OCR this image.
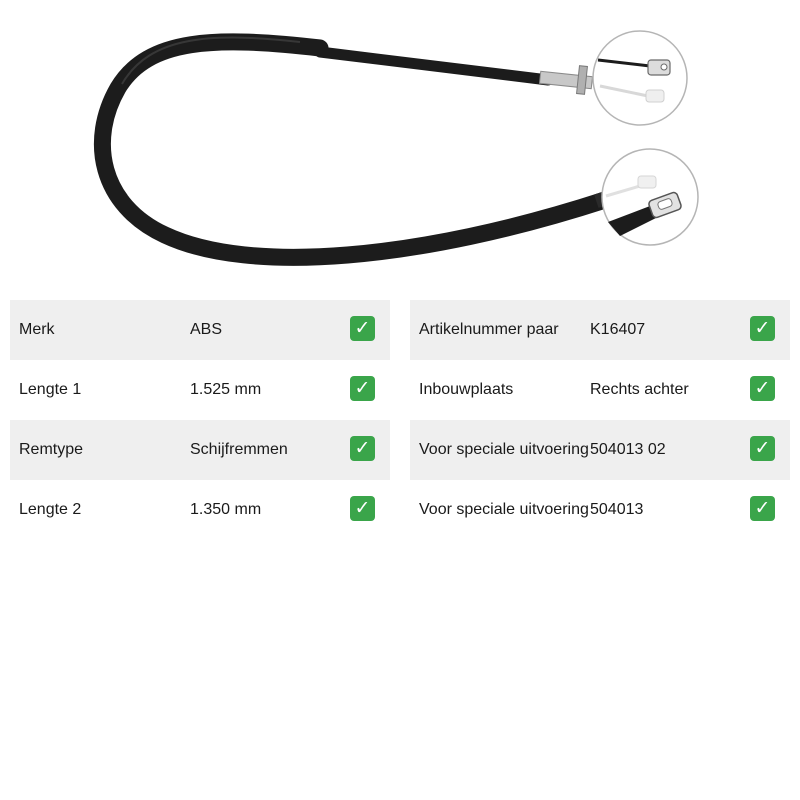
Merk	ABS	✓
Lengte 1	1.525 mm	✓
Remtype	Schijfremmen	✓
Lengte 2	1.350 mm	✓
Artikelnummer paar K16407	✓
Inbouwplaats	Rechts achter	✓
Voor speciale uitvoering 504013 02	✓
Voor speciale uitvoering 504013	✓
